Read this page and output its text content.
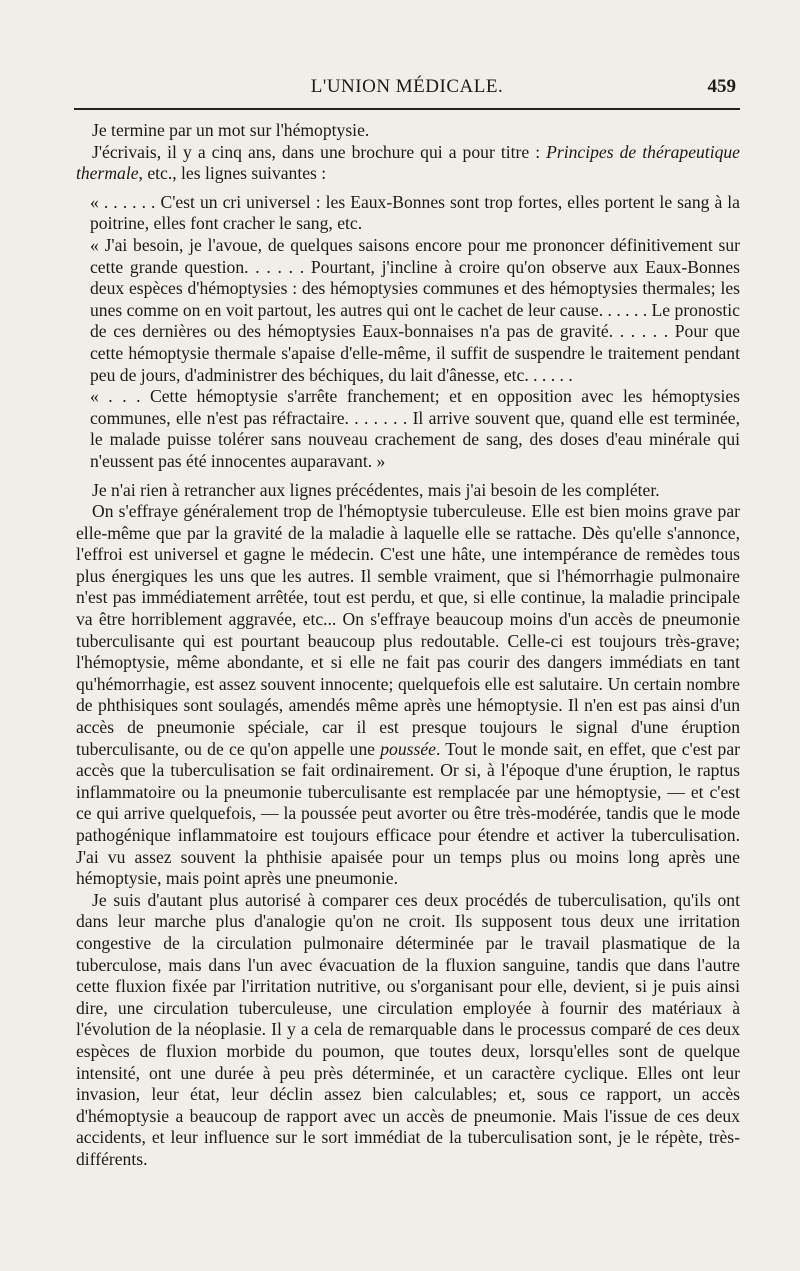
L'UNION MÉDICALE.	459

Je termine par un mot sur l'hémoptysie.

J'écrivais, il y a cinq ans, dans une brochure qui a pour titre : Principes de thérapeutique thermale, etc., les lignes suivantes :

« . . . . . . C'est un cri universel : les Eaux-Bonnes sont trop fortes, elles portent le sang à la poitrine, elles font cracher le sang, etc.

« J'ai besoin, je l'avoue, de quelques saisons encore pour me prononcer définitivement sur cette grande question. . . . . . Pourtant, j'incline à croire qu'on observe aux Eaux-Bonnes deux espèces d'hémoptysies : des hémoptysies communes et des hémoptysies thermales; les unes comme on en voit partout, les autres qui ont le cachet de leur cause. . . . . . Le pronostic de ces dernières ou des hémoptysies Eaux-bonnaises n'a pas de gravité. . . . . . Pour que cette hémoptysie thermale s'apaise d'elle-même, il suffit de suspendre le traitement pendant peu de jours, d'administrer des béchiques, du lait d'ânesse, etc. . . . . .

« . . . Cette hémoptysie s'arrête franchement; et en opposition avec les hémoptysies communes, elle n'est pas réfractaire. . . . . . . Il arrive souvent que, quand elle est terminée, le malade puisse tolérer sans nouveau crachement de sang, des doses d'eau minérale qui n'eussent pas été innocentes auparavant. »

Je n'ai rien à retrancher aux lignes précédentes, mais j'ai besoin de les compléter.

On s'effraye généralement trop de l'hémoptysie tuberculeuse. Elle est bien moins grave par elle-même que par la gravité de la maladie à laquelle elle se rattache. Dès qu'elle s'annonce, l'effroi est universel et gagne le médecin. C'est une hâte, une intempérance de remèdes tous plus énergiques les uns que les autres. Il semble vraiment, que si l'hémorrhagie pulmonaire n'est pas immédiatement arrêtée, tout est perdu, et que, si elle continue, la maladie principale va être horriblement aggravée, etc... On s'effraye beaucoup moins d'un accès de pneumonie tuberculisante qui est pourtant beaucoup plus redoutable. Celle-ci est toujours très-grave; l'hémoptysie, même abondante, et si elle ne fait pas courir des dangers immédiats en tant qu'hémorrhagie, est assez souvent innocente; quelquefois elle est salutaire. Un certain nombre de phthisiques sont soulagés, amendés même après une hémoptysie. Il n'en est pas ainsi d'un accès de pneumonie spéciale, car il est presque toujours le signal d'une éruption tuberculisante, ou de ce qu'on appelle une poussée. Tout le monde sait, en effet, que c'est par accès que la tuberculisation se fait ordinairement. Or si, à l'époque d'une éruption, le raptus inflammatoire ou la pneumonie tuberculisante est remplacée par une hémoptysie, — et c'est ce qui arrive quelquefois, — la poussée peut avorter ou être très-modérée, tandis que le mode pathogénique inflammatoire est toujours efficace pour étendre et activer la tuberculisation. J'ai vu assez souvent la phthisie apaisée pour un temps plus ou moins long après une hémoptysie, mais point après une pneumonie.

Je suis d'autant plus autorisé à comparer ces deux procédés de tuberculisation, qu'ils ont dans leur marche plus d'analogie qu'on ne croit. Ils supposent tous deux une irritation congestive de la circulation pulmonaire déterminée par le travail plasmatique de la tuberculose, mais dans l'un avec évacuation de la fluxion sanguine, tandis que dans l'autre cette fluxion fixée par l'irritation nutritive, ou s'organisant pour elle, devient, si je puis ainsi dire, une circulation tuberculeuse, une circulation employée à fournir des matériaux à l'évolution de la néoplasie. Il y a cela de remarquable dans le processus comparé de ces deux espèces de fluxion morbide du poumon, que toutes deux, lorsqu'elles sont de quelque intensité, ont une durée à peu près déterminée, et un caractère cyclique. Elles ont leur invasion, leur état, leur déclin assez bien calculables; et, sous ce rapport, un accès d'hémoptysie a beaucoup de rapport avec un accès de pneumonie. Mais l'issue de ces deux accidents, et leur influence sur le sort immédiat de la tuberculisation sont, je le répète, très-différents.
